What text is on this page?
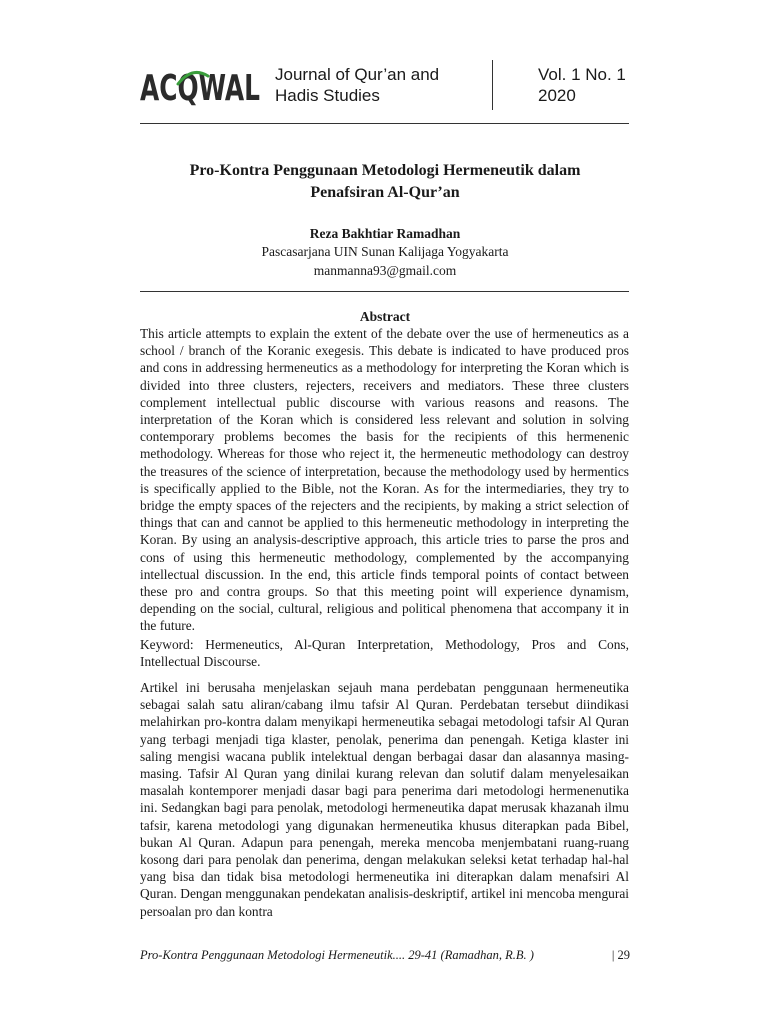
ACQWAL Journal of Qur’an and
Hadis Studies
Vol. 1 No. 1
2020
Pro-Kontra Penggunaan Metodologi Hermeneutik dalam
Penafsiran Al-Qur’an
Reza Bakhtiar Ramadhan
Pascasarjana UIN Sunan Kalijaga Yogyakarta
manmanna93@gmail.com
Abstract
This article attempts to explain the extent of the debate over the use of hermeneutics as a school / branch of the Koranic exegesis. This debate is indicated to have produced pros and cons in addressing hermeneutics as a methodology for interpreting the Koran which is divided into three clusters, rejecters, receivers and mediators. These three clusters complement intellectual public discourse with various reasons and reasons. The interpretation of the Koran which is considered less relevant and solution in solving contemporary problems becomes the basis for the recipients of this hermenenic methodology. Whereas for those who reject it, the hermeneutic methodology can destroy the treasures of the science of interpretation, because the methodology used by hermentics is specifically applied to the Bible, not the Koran. As for the intermediaries, they try to bridge the empty spaces of the rejecters and the recipients, by making a strict selection of things that can and cannot be applied to this hermeneutic methodology in interpreting the Koran. By using an analysis-descriptive approach, this article tries to parse the pros and cons of using this hermeneutic methodology, complemented by the accompanying intellectual discussion. In the end, this article finds temporal points of contact between these pro and contra groups. So that this meeting point will experience dynamism, depending on the social, cultural, religious and political phenomena that accompany it in the future.
Keyword: Hermeneutics, Al-Quran Interpretation, Methodology, Pros and Cons, Intellectual Discourse.
Artikel ini berusaha menjelaskan sejauh mana perdebatan penggunaan hermeneutika sebagai salah satu aliran/cabang ilmu tafsir Al Quran. Perdebatan tersebut diindikasi melahirkan pro-kontra dalam menyikapi hermeneutika sebagai metodologi tafsir Al Quran yang terbagi menjadi tiga klaster, penolak, penerima dan penengah. Ketiga klaster ini saling mengisi wacana publik intelektual dengan berbagai dasar dan alasannya masing-masing. Tafsir Al Quran yang dinilai kurang relevan dan solutif dalam menyelesaikan masalah kontemporer menjadi dasar bagi para penerima dari metodologi hermenenutika ini. Sedangkan bagi para penolak, metodologi hermeneutika dapat merusak khazanah ilmu tafsir, karena metodologi yang digunakan hermeneutika khusus diterapkan pada Bibel, bukan Al Quran. Adapun para penengah, mereka mencoba menjembatani ruang-ruang kosong dari para penolak dan penerima, dengan melakukan seleksi ketat terhadap hal-hal yang bisa dan tidak bisa metodologi hermeneutika ini diterapkan dalam menafsiri Al Quran. Dengan menggunakan pendekatan analisis-deskriptif, artikel ini mencoba mengurai persoalan pro dan kontra
Pro-Kontra Penggunaan Metodologi Hermeneutik.... 29-41 (Ramadhan, R.B. )	| 29
